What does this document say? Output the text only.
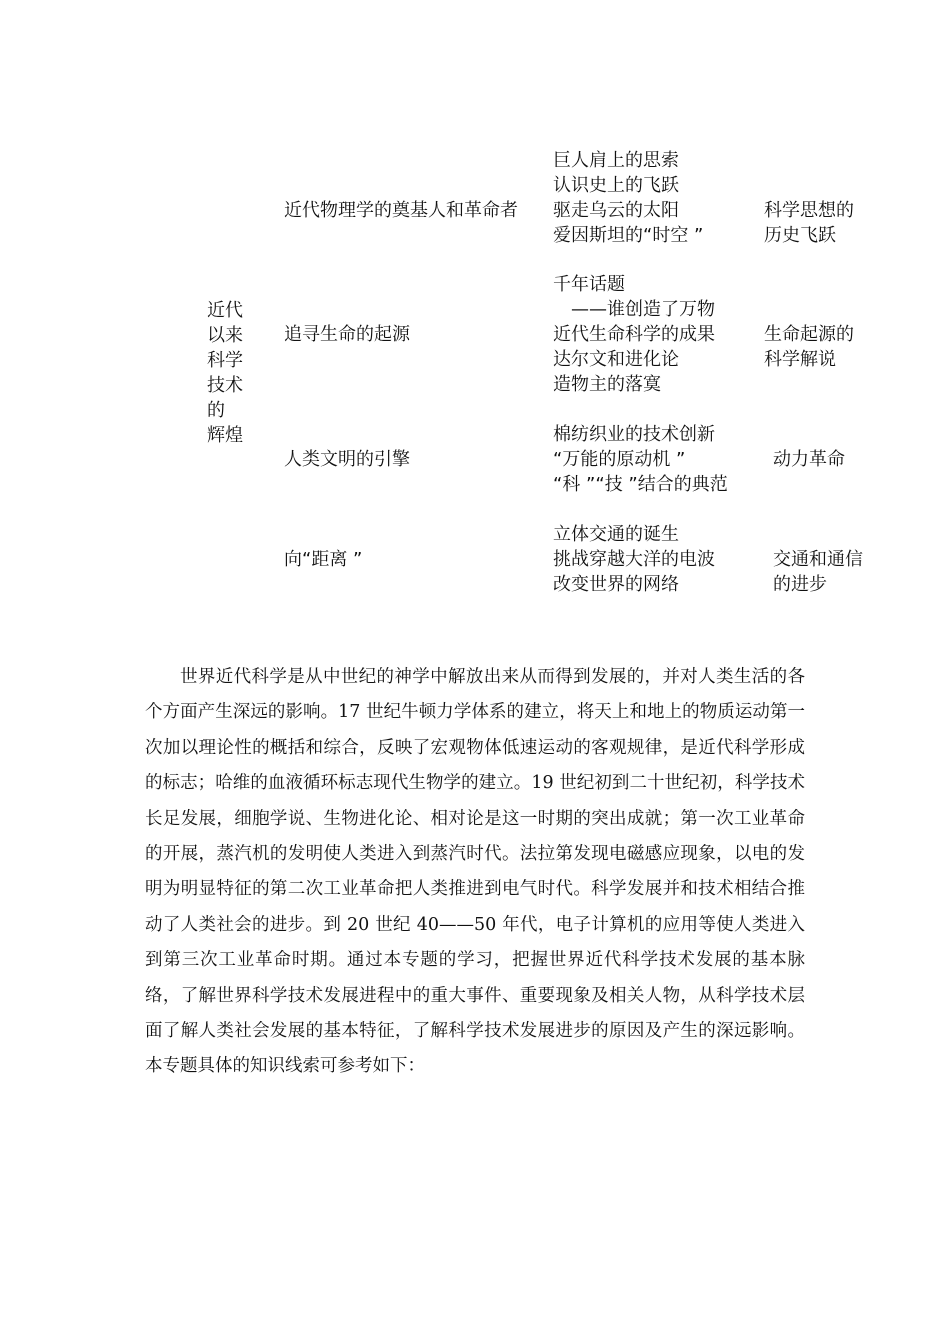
近代
以来
科学
技术
的
辉煌
近代物理学的奠基人和革命者
巨人肩上的思索
认识史上的飞跃
驱走乌云的太阳
爱因斯坦的“时空 ”
科学思想的
历史飞跃
追寻生命的起源
千年话题
——谁创造了万物
近代生命科学的成果
达尔文和进化论
造物主的落寞
生命起源的
科学解说
人类文明的引擎
棉纺织业的技术创新
“万能的原动机 ”
“科 ”“技 ”结合的典范
动力革命
向“距离 ”
立体交通的诞生
挑战穿越大洋的电波
改变世界的网络
交通和通信
的进步

世界近代科学是从中世纪的神学中解放出来从而得到发展的，并对人类生活的各个方面产生深远的影响。17 世纪牛顿力学体系的建立，将天上和地上的物质运动第一次加以理论性的概括和综合，反映了宏观物体低速运动的客观规律，是近代科学形成的标志；哈维的血液循环标志现代生物学的建立。19 世纪初到二十世纪初，科学技术长足发展，细胞学说、生物进化论、相对论是这一时期的突出成就；第一次工业革命的开展，蒸汽机的发明使人类进入到蒸汽时代。法拉第发现电磁感应现象，以电的发明为明显特征的第二次工业革命把人类推进到电气时代。科学发展并和技术相结合推动了人类社会的进步。到 20 世纪 40——50 年代，电子计算机的应用等使人类进入到第三次工业革命时期。通过本专题的学习，把握世界近代科学技术发展的基本脉络，了解世界科学技术发展进程中的重大事件、重要现象及相关人物，从科学技术层面了解人类社会发展的基本特征，了解科学技术发展进步的原因及产生的深远影响。本专题具体的知识线索可参考如下：
